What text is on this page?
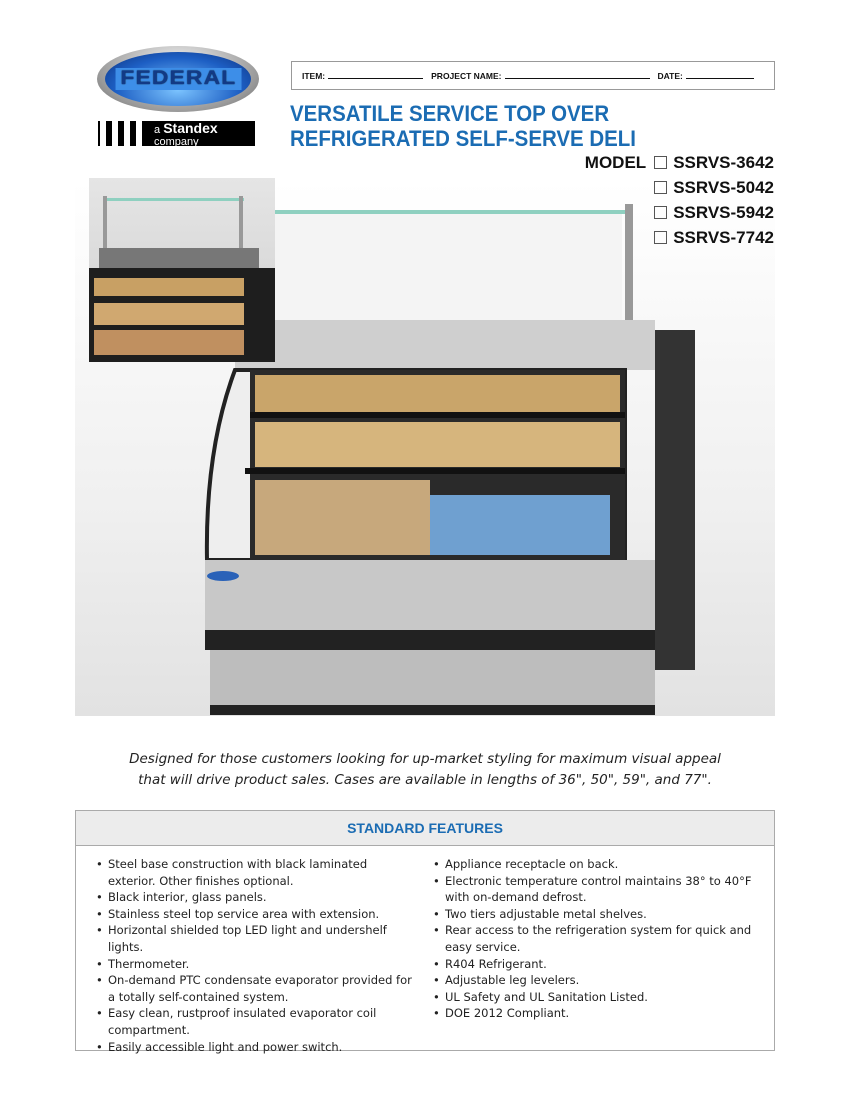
FEDERAL
a Standex company
ITEM:	PROJECT NAME:	DATE:
VERSATILE SERVICE TOP OVER
REFRIGERATED SELF-SERVE DELI
MODEL SSRVS-3642
SSRVS-5042
SSRVS-5942
SSRVS-7742
Designed for those customers looking for up-market styling for maximum visual appeal
that will drive product sales. Cases are available in lengths of 36", 50", 59", and 77".
STANDARD FEATURES
• Steel base construction with black laminated exterior. Other finishes optional.
• Black interior, glass panels.
• Stainless steel top service area with extension.
• Horizontal shielded top LED light and undershelf lights.
• Thermometer.
• On-demand PTC condensate evaporator provided for a totally self-contained system.
• Easy clean, rustproof insulated evaporator coil compartment.
• Easily accessible light and power switch.
• Appliance receptacle on back.
• Electronic temperature control maintains 38° to 40°F with on-demand defrost.
• Two tiers adjustable metal shelves.
• Rear access to the refrigeration system for quick and easy service.
• R404 Refrigerant.
• Adjustable leg levelers.
• UL Safety and UL Sanitation Listed.
• DOE 2012 Compliant.
